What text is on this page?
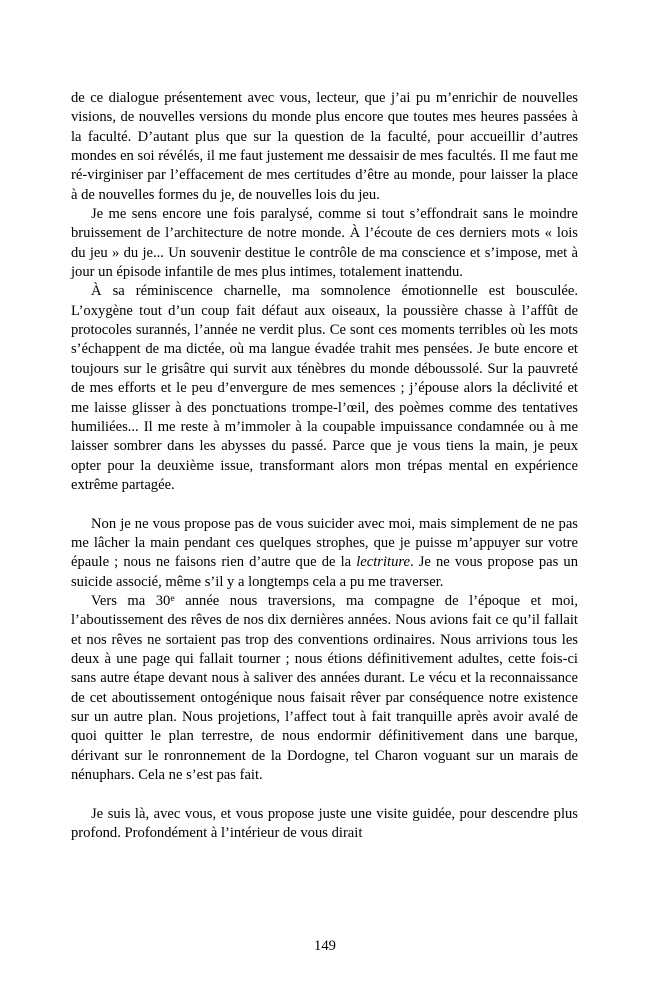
de ce dialogue présentement avec vous, lecteur, que j’ai pu m’enrichir de nouvelles visions, de nouvelles versions du monde plus encore que toutes mes heures passées à la faculté. D’autant plus que sur la question de la faculté, pour accueillir d’autres mondes en soi révélés, il me faut justement me dessaisir de mes facultés. Il me faut me ré-virginiser par l’effacement de mes certitudes d’être au monde, pour laisser la place à de nouvelles formes du je, de nouvelles lois du jeu.

Je me sens encore une fois paralysé, comme si tout s’effondrait sans le moindre bruissement de l’architecture de notre monde. À l’écoute de ces derniers mots « lois du jeu » du je... Un souvenir destitue le contrôle de ma conscience et s’impose, met à jour un épisode infantile de mes plus intimes, totalement inattendu.

À sa réminiscence charnelle, ma somnolence émotionnelle est bousculée. L’oxygène tout d’un coup fait défaut aux oiseaux, la poussière chasse à l’affût de protocoles surannés, l’année ne verdit plus. Ce sont ces moments terribles où les mots s’échappent de ma dictée, où ma langue évadée trahit mes pensées. Je bute encore et toujours sur le grisâtre qui survit aux ténèbres du monde déboussolé. Sur la pauvreté de mes efforts et le peu d’envergure de mes semences ; j’épouse alors la déclivité et me laisse glisser à des ponctuations trompe-l’œil, des poèmes comme des tentatives humiliées... Il me reste à m’immoler à la coupable impuissance condamnée ou à me laisser sombrer dans les abysses du passé. Parce que je vous tiens la main, je peux opter pour la deuxième issue, transformant alors mon trépas mental en expérience extrême partagée.

Non je ne vous propose pas de vous suicider avec moi, mais simplement de ne pas me lâcher la main pendant ces quelques strophes, que je puisse m’appuyer sur votre épaule ; nous ne faisons rien d’autre que de la lectriture. Je ne vous propose pas un suicide associé, même s’il y a longtemps cela a pu me traverser.

Vers ma 30e année nous traversions, ma compagne de l’époque et moi, l’aboutissement des rêves de nos dix dernières années. Nous avions fait ce qu’il fallait et nos rêves ne sortaient pas trop des conventions ordinaires. Nous arrivions tous les deux à une page qui fallait tourner ; nous étions définitivement adultes, cette fois-ci sans autre étape devant nous à saliver des années durant. Le vécu et la reconnaissance de cet aboutissement ontogénique nous faisait rêver par conséquence notre existence sur un autre plan. Nous projetions, l’affect tout à fait tranquille après avoir avalé de quoi quitter le plan terrestre, de nous endormir définitivement dans une barque, dérivant sur le ronronnement de la Dordogne, tel Charon voguant sur un marais de nénuphars. Cela ne s’est pas fait.

Je suis là, avec vous, et vous propose juste une visite guidée, pour descendre plus profond. Profondément à l’intérieur de vous dirait

149
